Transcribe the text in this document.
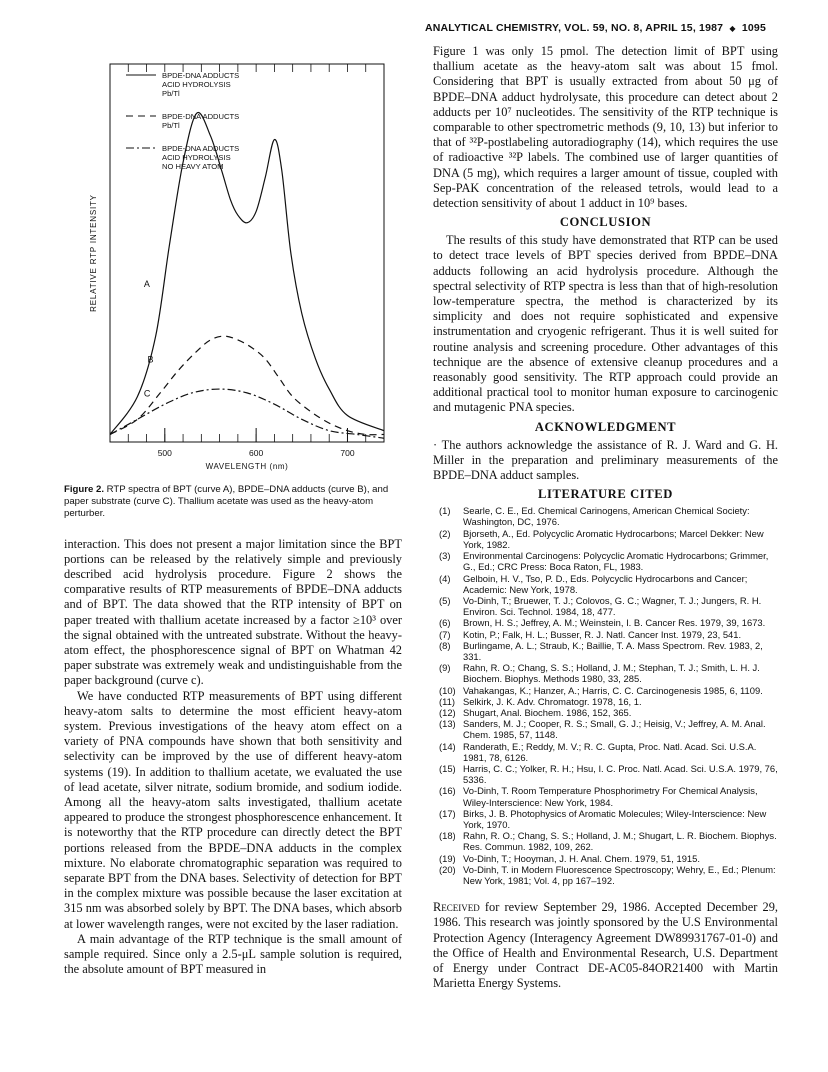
ANALYTICAL CHEMISTRY, VOL. 59, NO. 8, APRIL 15, 1987 ◆ 1095
500	600	700
WAVELENGTH (nm)
RELATIVE RTP INTENSITY
BPDE-DNA ADDUCTS
ACID HYDROLYSIS
Pb/Tl
BPDE-DNA ADDUCTS
Pb/Tl
BPDE-DNA ADDUCTS
ACID HYDROLYSIS
NO HEAVY ATOM
A
B
C
Figure 2. RTP spectra of BPT (curve A), BPDE–DNA adducts (curve B), and paper substrate (curve C). Thallium acetate was used as the heavy-atom perturber.

interaction. This does not present a major limitation since the BPT portions can be released by the relatively simple and previously described acid hydrolysis procedure. Figure 2 shows the comparative results of RTP measurements of BPDE–DNA adducts and of BPT. The data showed that the RTP intensity of BPT on paper treated with thallium acetate increased by a factor ≥10³ over the signal obtained with the untreated substrate. Without the heavy-atom effect, the phosphorescence signal of BPT on Whatman 42 paper substrate was extremely weak and undistinguishable from the paper background (curve c).

We have conducted RTP measurements of BPT using different heavy-atom salts to determine the most efficient heavy-atom system. Previous investigations of the heavy atom effect on a variety of PNA compounds have shown that both sensitivity and selectivity can be improved by the use of different heavy-atom systems (19). In addition to thallium acetate, we evaluated the use of lead acetate, silver nitrate, sodium bromide, and sodium iodide. Among all the heavy-atom salts investigated, thallium acetate appeared to produce the strongest phosphorescence enhancement. It is noteworthy that the RTP procedure can directly detect the BPT portions released from the BPDE–DNA adducts in the complex mixture. No elaborate chromatographic separation was required to separate BPT from the DNA bases. Selectivity of detection for BPT in the complex mixture was possible because the laser excitation at 315 nm was absorbed solely by BPT. The DNA bases, which absorb at lower wavelength ranges, were not excited by the laser radiation.

A main advantage of the RTP technique is the small amount of sample required. Since only a 2.5-μL sample solution is required, the absolute amount of BPT measured in

Figure 1 was only 15 pmol. The detection limit of BPT using thallium acetate as the heavy-atom salt was about 15 fmol. Considering that BPT is usually extracted from about 50 μg of BPDE–DNA adduct hydrolysate, this procedure can detect about 2 adducts per 10⁷ nucleotides. The sensitivity of the RTP technique is comparable to other spectrometric methods (9, 10, 13) but inferior to that of ³²P-postlabeling autoradiography (14), which requires the use of radioactive ³²P labels. The combined use of larger quantities of DNA (5 mg), which requires a larger amount of tissue, coupled with Sep-PAK concentration of the released tetrols, would lead to a detection sensitivity of about 1 adduct in 10⁹ bases.

CONCLUSION

The results of this study have demonstrated that RTP can be used to detect trace levels of BPT species derived from BPDE–DNA adducts following an acid hydrolysis procedure. Although the spectral selectivity of RTP spectra is less than that of high-resolution low-temperature spectra, the method is characterized by its simplicity and does not require sophisticated and expensive instrumentation and cryogenic refrigerant. Thus it is well suited for routine analysis and screening procedure. Other advantages of this technique are the absence of extensive cleanup procedures and a reasonably good sensitivity. The RTP approach could provide an additional practical tool to monitor human exposure to carcinogenic and mutagenic PNA species.

ACKNOWLEDGMENT

· The authors acknowledge the assistance of R. J. Ward and G. H. Miller in the preparation and preliminary measurements of the BPDE–DNA adduct samples.

LITERATURE CITED
(1) Searle, C. E., Ed. Chemical Carinogens, American Chemical Society: Washington, DC, 1976.
(2) Bjorseth, A., Ed. Polycyclic Aromatic Hydrocarbons; Marcel Dekker: New York, 1982.
(3) Environmental Carcinogens: Polycyclic Aromatic Hydrocarbons; Grimmer, G., Ed.; CRC Press: Boca Raton, FL, 1983.
(4) Gelboin, H. V., Tso, P. D., Eds. Polycyclic Hydrocarbons and Cancer; Academic: New York, 1978.
(5) Vo-Dinh, T.; Bruewer, T. J.; Colovos, G. C.; Wagner, T. J.; Jungers, R. H. Environ. Sci. Technol. 1984, 18, 477.
(6) Brown, H. S.; Jeffrey, A. M.; Weinstein, I. B. Cancer Res. 1979, 39, 1673.
(7) Kotin, P.; Falk, H. L.; Busser, R. J. Natl. Cancer Inst. 1979, 23, 541.
(8) Burlingame, A. L.; Straub, K.; Baillie, T. A. Mass Spectrom. Rev. 1983, 2, 331.
(9) Rahn, R. O.; Chang, S. S.; Holland, J. M.; Stephan, T. J.; Smith, L. H. J. Biochem. Biophys. Methods 1980, 33, 285.
(10) Vahakangas, K.; Hanzer, A.; Harris, C. C. Carcinogenesis 1985, 6, 1109.
(11) Selkirk, J. K. Adv. Chromatogr. 1978, 16, 1.
(12) Shugart, Anal. Biochem. 1986, 152, 365.
(13) Sanders, M. J.; Cooper, R. S.; Small, G. J.; Heisig, V.; Jeffrey, A. M. Anal. Chem. 1985, 57, 1148.
(14) Randerath, E.; Reddy, M. V.; R. C. Gupta, Proc. Natl. Acad. Sci. U.S.A. 1981, 78, 6126.
(15) Harris, C. C.; Yolker, R. H.; Hsu, I. C. Proc. Natl. Acad. Sci. U.S.A. 1979, 76, 5336.
(16) Vo-Dinh, T. Room Temperature Phosphorimetry For Chemical Analysis, Wiley-Interscience: New York, 1984.
(17) Birks, J. B. Photophysics of Aromatic Molecules; Wiley-Interscience: New York, 1970.
(18) Rahn, R. O.; Chang, S. S.; Holland, J. M.; Shugart, L. R. Biochem. Biophys. Res. Commun. 1982, 109, 262.
(19) Vo-Dinh, T.; Hooyman, J. H. Anal. Chem. 1979, 51, 1915.
(20) Vo-Dinh, T. in Modern Fluorescence Spectroscopy; Wehry, E., Ed.; Plenum: New York, 1981; Vol. 4, pp 167–192.
Received for review September 29, 1986. Accepted December 29, 1986. This research was jointly sponsored by the U.S Environmental Protection Agency (Interagency Agreement DW89931767-01-0) and the Office of Health and Environmental Research, U.S. Department of Energy under Contract DE-AC05-84OR21400 with Martin Marietta Energy Systems.
